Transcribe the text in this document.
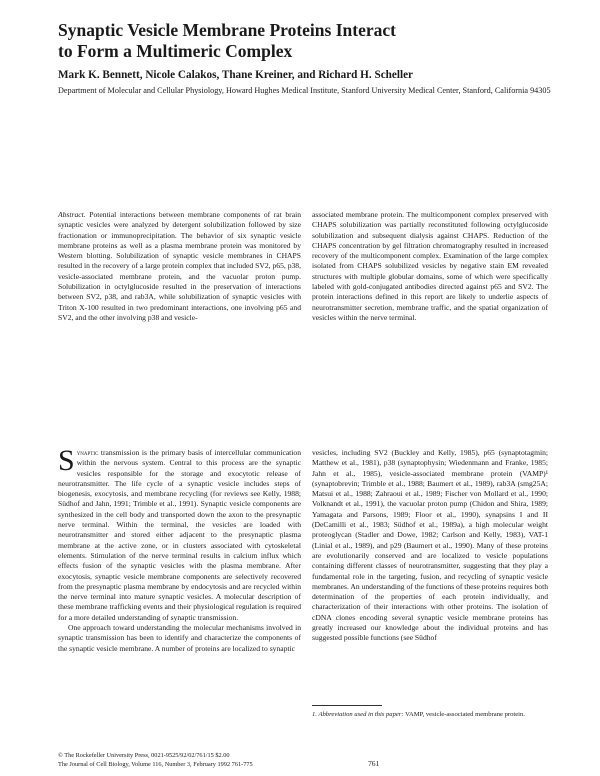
Synaptic Vesicle Membrane Proteins Interact
to Form a Multimeric Complex
Mark K. Bennett, Nicole Calakos, Thane Kreiner, and Richard H. Scheller
Department of Molecular and Cellular Physiology, Howard Hughes Medical Institute, Stanford University Medical Center, Stanford, California 94305

Abstract. Potential interactions between membrane components of rat brain synaptic vesicles were analyzed by detergent solubilization followed by size fractionation or immunoprecipitation. The behavior of six synaptic vesicle membrane proteins as well as a plasma membrane protein was monitored by Western blotting. Solubilization of synaptic vesicle membranes in CHAPS resulted in the recovery of a large protein complex that included SV2, p65, p38, vesicle-associated membrane protein, and the vacuolar proton pump. Solubilization in octylglucoside resulted in the preservation of interactions between SV2, p38, and rab3A, while solubilization of synaptic vesicles with Triton X-100 resulted in two predominant interactions, one involving p65 and SV2, and the other involving p38 and vesicle-

associated membrane protein. The multicomponent complex preserved with CHAPS solubilization was partially reconstituted following octylglucoside solubilization and subsequent dialysis against CHAPS. Reduction of the CHAPS concentration by gel filtration chromatography resulted in increased recovery of the multicomponent complex. Examination of the large complex isolated from CHAPS solubilized vesicles by negative stain EM revealed structures with multiple globular domains, some of which were specifically labeled with gold-conjugated antibodies directed against p65 and SV2. The protein interactions defined in this report are likely to underlie aspects of neurotransmitter secretion, membrane traffic, and the spatial organization of vesicles within the nerve terminal.

Synaptic transmission is the primary basis of intercellular communication within the nervous system. Central to this process are the synaptic vesicles responsible for the storage and exocytotic release of neurotransmitter. The life cycle of a synaptic vesicle includes steps of biogenesis, exocytosis, and membrane recycling (for reviews see Kelly, 1988; Südhof and Jahn, 1991; Trimble et al., 1991). Synaptic vesicle components are synthesized in the cell body and transported down the axon to the presynaptic nerve terminal. Within the terminal, the vesicles are loaded with neurotransmitter and stored either adjacent to the presynaptic plasma membrane at the active zone, or in clusters associated with cytoskeletal elements. Stimulation of the nerve terminal results in calcium influx which effects fusion of the synaptic vesicles with the plasma membrane. After exocytosis, synaptic vesicle membrane components are selectively recovered from the presynaptic plasma membrane by endocytosis and are recycled within the nerve terminal into mature synaptic vesicles. A molecular description of these membrane trafficking events and their physiological regulation is required for a more detailed understanding of synaptic transmission.

One approach toward understanding the molecular mechanisms involved in synaptic transmission has been to identify and characterize the components of the synaptic vesicle membrane. A number of proteins are localized to synaptic

vesicles, including SV2 (Buckley and Kelly, 1985), p65 (synaptotagmin; Matthew et al., 1981), p38 (synaptophysin; Wiedenmann and Franke, 1985; Jahn et al., 1985), vesicle-associated membrane protein (VAMP)¹ (synaptobrevin; Trimble et al., 1988; Baumert et al., 1989), rab3A (smg25A; Matsui et al., 1988; Zahraoui et al., 1989; Fischer von Mollard et al., 1990; Volknandt et al., 1991), the vacuolar proton pump (Chidon and Shira, 1989; Yamagata and Parsons, 1989; Floor et al., 1990), synapsins I and II (DeCamilli et al., 1983; Südhof et al., 1989a), a high molecular weight proteoglycan (Stadler and Dowe, 1982; Carlson and Kelly, 1983), VAT-1 (Linial et al., 1989), and p29 (Baumert et al., 1990). Many of these proteins are evolutionarily conserved and are localized to vesicle populations containing different classes of neurotransmitter, suggesting that they play a fundamental role in the targeting, fusion, and recycling of synaptic vesicle membranes. An understanding of the functions of these proteins requires both determination of the properties of each protein individually, and characterization of their interactions with other proteins. The isolation of cDNA clones encoding several synaptic vesicle membrane proteins has greatly increased our knowledge about the individual proteins and has suggested possible functions (see Südhof

1. Abbreviation used in this paper: VAMP, vesicle-associated membrane protein.
© The Rockefeller University Press, 0021-9525/92/02/761/15 $2.00
The Journal of Cell Biology, Volume 116, Number 3, February 1992 761-775	761
